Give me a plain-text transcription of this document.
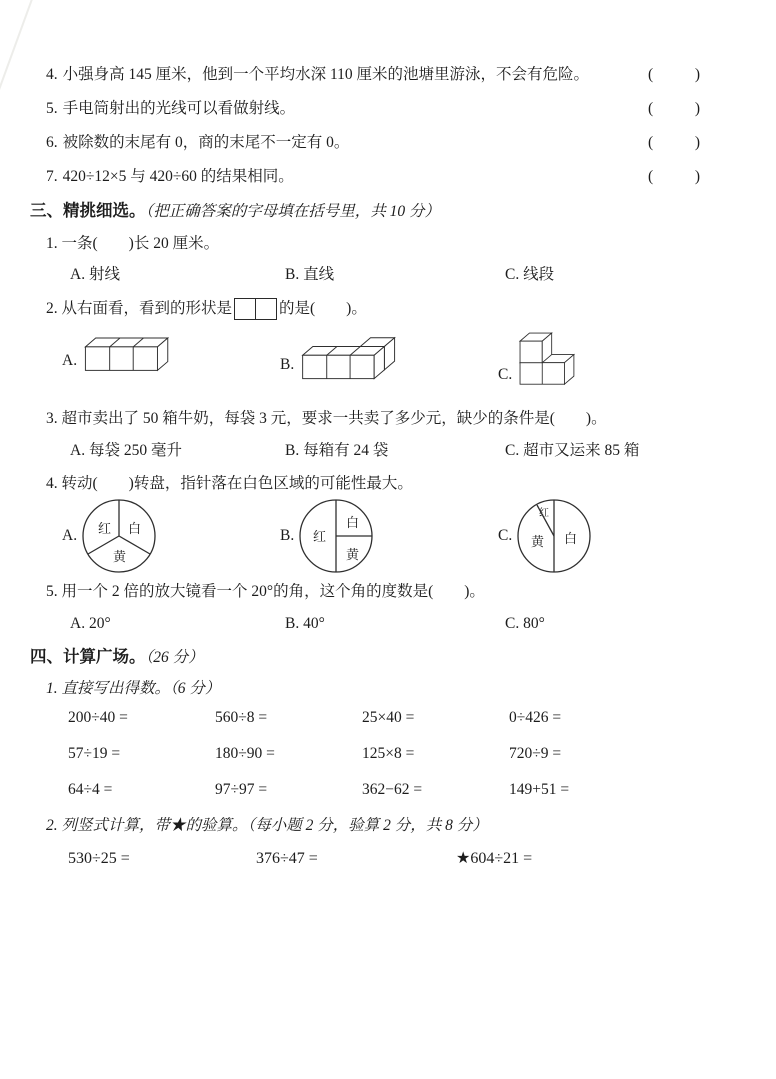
4. 小强身高 145 厘米，他到一个平均水深 110 厘米的池塘里游泳，不会有危险。	(	)
5. 手电筒射出的光线可以看做射线。	(	)
6. 被除数的末尾有 0，商的末尾不一定有 0。	(	)
7. 420÷12×5 与 420÷60 的结果相同。	(	)
三、精挑细选。（把正确答案的字母填在括号里，共 10 分）
1. 一条(　　)长 20 厘米。
A. 射线	B. 直线	C. 线段
2. 从右面看，看到的形状是	的是(　　)。
A.	B.
C.
3. 超市卖出了 50 箱牛奶，每袋 3 元，要求一共卖了多少元，缺少的条件是(　　)。
A. 每袋 250 毫升	B. 每箱有 24 袋	C. 超市又运来 85 箱
4. 转动(　　)转盘，指针落在白色区域的可能性最大。
A. 红 白
黄
B. 红
白
黄
C.
红
黄 白
5. 用一个 2 倍的放大镜看一个 20°的角，这个角的度数是(　　)。
A. 20°	B. 40°	C. 80°
四、计算广场。（26 分）
1. 直接写出得数。（6 分）
200÷40 =	560÷8 =	25×40 =	0÷426 =
57÷19 =	180÷90 =	125×8 =	720÷9 =
64÷4 =	97÷97 =	362−62 =	149+51 =
2. 列竖式计算，带★的验算。（每小题 2 分，验算 2 分，共 8 分）
530÷25 =	376÷47 =	★604÷21 =
